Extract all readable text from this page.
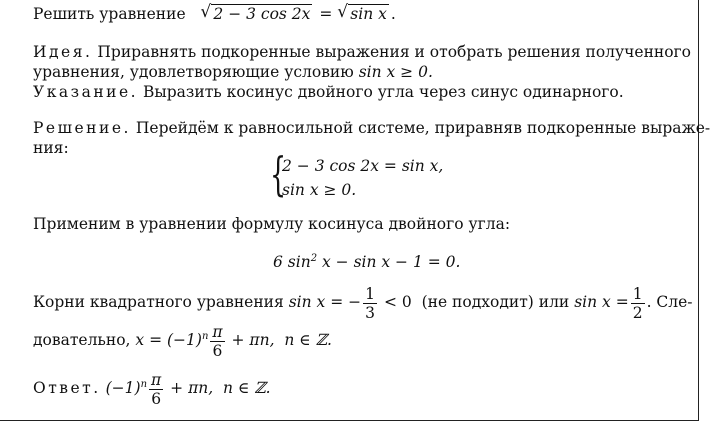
Решить уравнение √ 2 − 3 cos 2x = √ sin x .
Идея. Приравнять подкоренные выражения и отобрать решения полученного
уравнения, удовлетворяющие условию sin x ≥ 0.
Указание. Выразить косинус двойного угла через синус одинарного.
Решение. Перейдём к равносильной системе, приравняв подкоренные выраже-
ния:	{
2 − 3 cos 2x = sin x,
sin x ≥ 0.
Применим в уравнении формулу косинуса двойного угла:
6 $\sin^2 x - \sin x - 1 = 0$.
Корни квадратного уравнения sin x = − $\frac{1}{3} < 0$ (не подходит) или $\sin x = \frac{1}{2}$ . Сле-
довательно, $x = (-1)^n \frac{\pi}{6} + \pi n$, n ∈ ℤ.
Ответ. $(-1)^n \frac{\pi}{6} + \pi n$, n ∈ ℤ.
